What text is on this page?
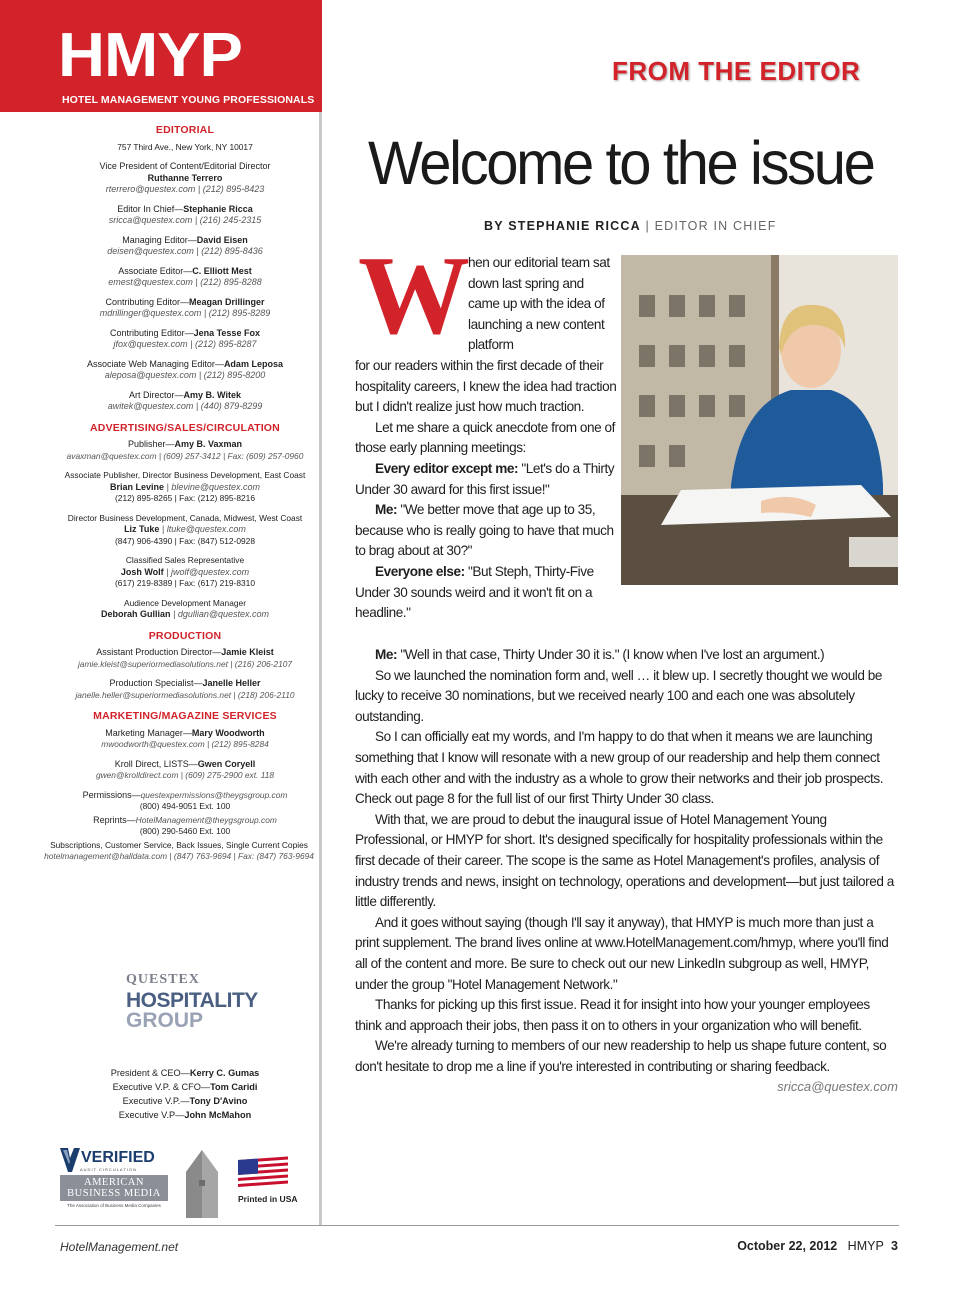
HMYP
HOTEL MANAGEMENT YOUNG PROFESSIONALS
EDITORIAL
757 Third Ave., New York, NY 10017
Vice President of Content/Editorial Director
Ruthanne Terrero
rterrero@questex.com | (212) 895-8423
Editor In Chief—Stephanie Ricca
sricca@questex.com | (216) 245-2315
Managing Editor—David Eisen
deisen@questex.com | (212) 895-8436
Associate Editor—C. Elliott Mest
emest@questex.com | (212) 895-8288
Contributing Editor—Meagan Drillinger
mdrillinger@questex.com | (212) 895-8289
Contributing Editor—Jena Tesse Fox
jfox@questex.com | (212) 895-8287
Associate Web Managing Editor—Adam Leposa
aleposa@questex.com | (212) 895-8200
Art Director—Amy B. Witek
awitek@questex.com | (440) 879-8299
ADVERTISING/SALES/CIRCULATION
Publisher—Amy B. Vaxman
avaxman@questex.com | (609) 257-3412 | Fax: (609) 257-0960
Associate Publisher, Director Business Development, East Coast
Brian Levine | blevine@questex.com
(212) 895-8265 | Fax: (212) 895-8216
Director Business Development, Canada, Midwest, West Coast
Liz Tuke | ltuke@questex.com
(847) 906-4390 | Fax: (847) 512-0928
Classified Sales Representative
Josh Wolf | jwolf@questex.com
(617) 219-8389 | Fax: (617) 219-8310
Audience Development Manager
Deborah Gullian | dgullian@questex.com
PRODUCTION
Assistant Production Director—Jamie Kleist
jamie.kleist@superiormediasolutions.net | (216) 206-2107
Production Specialist—Janelle Heller
janelle.heller@superiormediasolutions.net | (218) 206-2110
MARKETING/MAGAZINE SERVICES
Marketing Manager—Mary Woodworth
mwoodworth@questex.com | (212) 895-8284
Kroll Direct, LISTS—Gwen Coryell
gwen@krolldirect.com | (609) 275-2900 ext. 118
Permissions—questexpermissions@theygsgroup.com
(800) 494-9051 Ext. 100
Reprints—HotelManagement@theygsgroup.com
(800) 290-5460 Ext. 100
Subscriptions, Customer Service, Back Issues, Single Current Copies
hotelmanagement@halldata.com | (847) 763-9694 | Fax: (847) 763-9694
QUESTEX
HOSPITALITY
GROUP
President & CEO—Kerry C. Gumas
Executive V.P. & CFO—Tom Caridi
Executive V.P.—Tony D'Avino
Executive V.P—John McMahon
VERIFIED
AUDIT CIRCULATION
AMERICAN
BUSINESS MEDIA
The Association of Business Media Companies
Printed in USA
FROM THE EDITOR
Welcome to the issue
BY STEPHANIE RICCA | EDITOR IN CHIEF
W

hen our editorial team sat down last spring and came up with the idea of launching a new content platform

for our readers within the first decade of their hospitality careers, I knew the idea had traction but I didn't realize just how much traction.

Let me share a quick anecdote from one of those early planning meetings:

Every editor except me: "Let's do a Thirty Under 30 award for this first issue!"

Me: "We better move that age up to 35, because who is really going to have that much to brag about at 30?"

Everyone else: "But Steph, Thirty-Five Under 30 sounds weird and it won't fit on a headline."

Me: "Well in that case, Thirty Under 30 it is." (I know when I've lost an argument.)

So we launched the nomination form and, well … it blew up. I secretly thought we would be lucky to receive 30 nominations, but we received nearly 100 and each one was absolutely outstanding.

So I can officially eat my words, and I'm happy to do that when it means we are launching something that I know will resonate with a new group of our readership and help them connect with each other and with the industry as a whole to grow their networks and their job prospects. Check out page 8 for the full list of our first Thirty Under 30 class.

With that, we are proud to debut the inaugural issue of Hotel Management Young Professional, or HMYP for short. It's designed specifically for hospitality professionals within the first decade of their career. The scope is the same as Hotel Management's profiles, analysis of industry trends and news, insight on technology, operations and development—but just tailored a little differently.

And it goes without saying (though I'll say it anyway), that HMYP is much more than just a print supplement. The brand lives online at www.HotelManagement.com/hmyp, where you'll find all of the content and more. Be sure to check out our new LinkedIn subgroup as well, HMYP, under the group "Hotel Management Network."

Thanks for picking up this first issue. Read it for insight into how your younger employees think and approach their jobs, then pass it on to others in your organization who will benefit.

We're already turning to members of our new readership to help us shape future content, so don't hesitate to drop me a line if you're interested in contributing or sharing feedback.

sricca@questex.com
HotelManagement.net	October 22, 2012 HMYP 3
